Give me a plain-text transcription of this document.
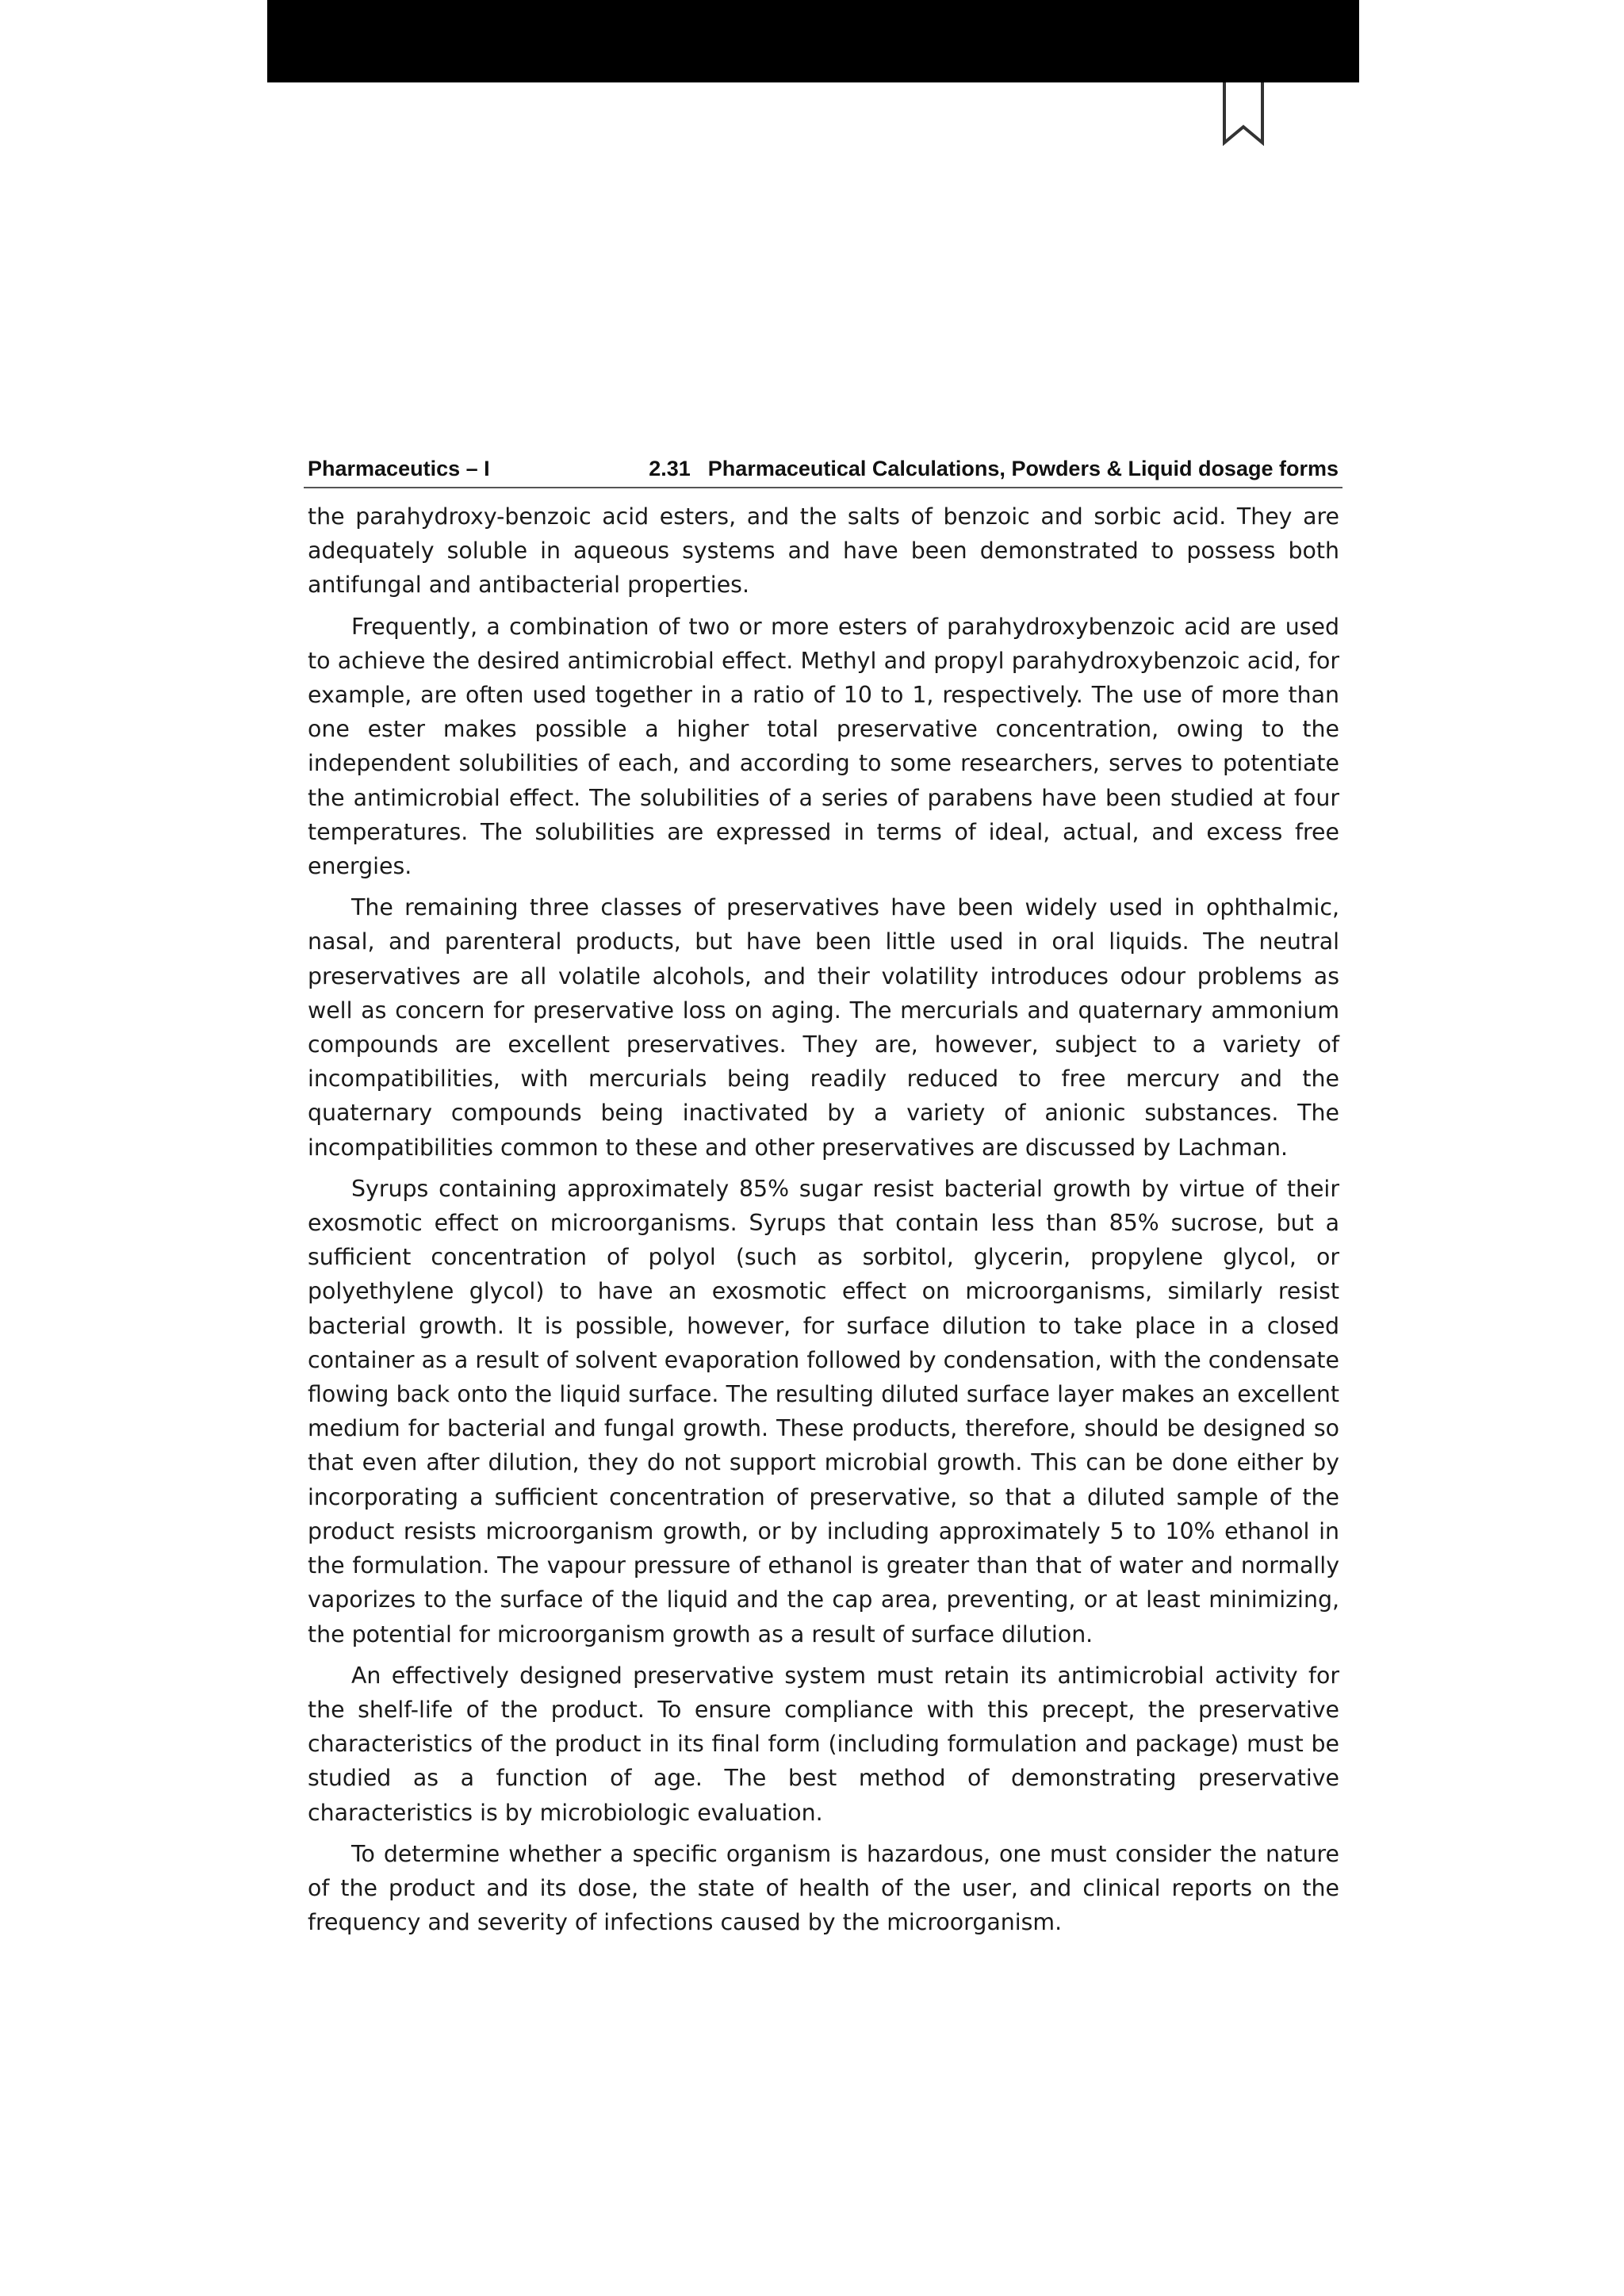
Pharmaceutics – I	2.31 Pharmaceutical Calculations, Powders & Liquid dosage forms

the parahydroxy-benzoic acid esters, and the salts of benzoic and sorbic acid. They are adequately soluble in aqueous systems and have been demonstrated to possess both antifungal and antibacterial properties.

Frequently, a combination of two or more esters of parahydroxybenzoic acid are used to achieve the desired antimicrobial effect. Methyl and propyl parahydroxybenzoic acid, for example, are often used together in a ratio of 10 to 1, respectively. The use of more than one ester makes possible a higher total preservative concentration, owing to the independent solubilities of each, and according to some researchers, serves to potentiate the antimicrobial effect. The solubilities of a series of parabens have been studied at four temperatures. The solubilities are expressed in terms of ideal, actual, and excess free energies.

The remaining three classes of preservatives have been widely used in ophthalmic, nasal, and parenteral products, but have been little used in oral liquids. The neutral preservatives are all volatile alcohols, and their volatility introduces odour problems as well as concern for preservative loss on aging. The mercurials and quaternary ammonium compounds are excellent preservatives. They are, however, subject to a variety of incompatibilities, with mercurials being readily reduced to free mercury and the quaternary compounds being inactivated by a variety of anionic substances. The incompatibilities common to these and other preservatives are discussed by Lachman.

Syrups containing approximately 85% sugar resist bacterial growth by virtue of their exosmotic effect on microorganisms. Syrups that contain less than 85% sucrose, but a sufficient concentration of polyol (such as sorbitol, glycerin, propylene glycol, or polyethylene glycol) to have an exosmotic effect on microorganisms, similarly resist bacterial growth. It is possible, however, for surface dilution to take place in a closed container as a result of solvent evaporation followed by condensation, with the condensate flowing back onto the liquid surface. The resulting diluted surface layer makes an excellent medium for bacterial and fungal growth. These products, therefore, should be designed so that even after dilution, they do not support microbial growth. This can be done either by incorporating a sufficient concentration of preservative, so that a diluted sample of the product resists microorganism growth, or by including approximately 5 to 10% ethanol in the formulation. The vapour pressure of ethanol is greater than that of water and normally vaporizes to the surface of the liquid and the cap area, preventing, or at least minimizing, the potential for microorganism growth as a result of surface dilution.

An effectively designed preservative system must retain its antimicrobial activity for the shelf-life of the product. To ensure compliance with this precept, the preservative characteristics of the product in its final form (including formulation and package) must be studied as a function of age. The best method of demonstrating preservative characteristics is by microbiologic evaluation.

To determine whether a specific organism is hazardous, one must consider the nature of the product and its dose, the state of health of the user, and clinical reports on the frequency and severity of infections caused by the microorganism.
